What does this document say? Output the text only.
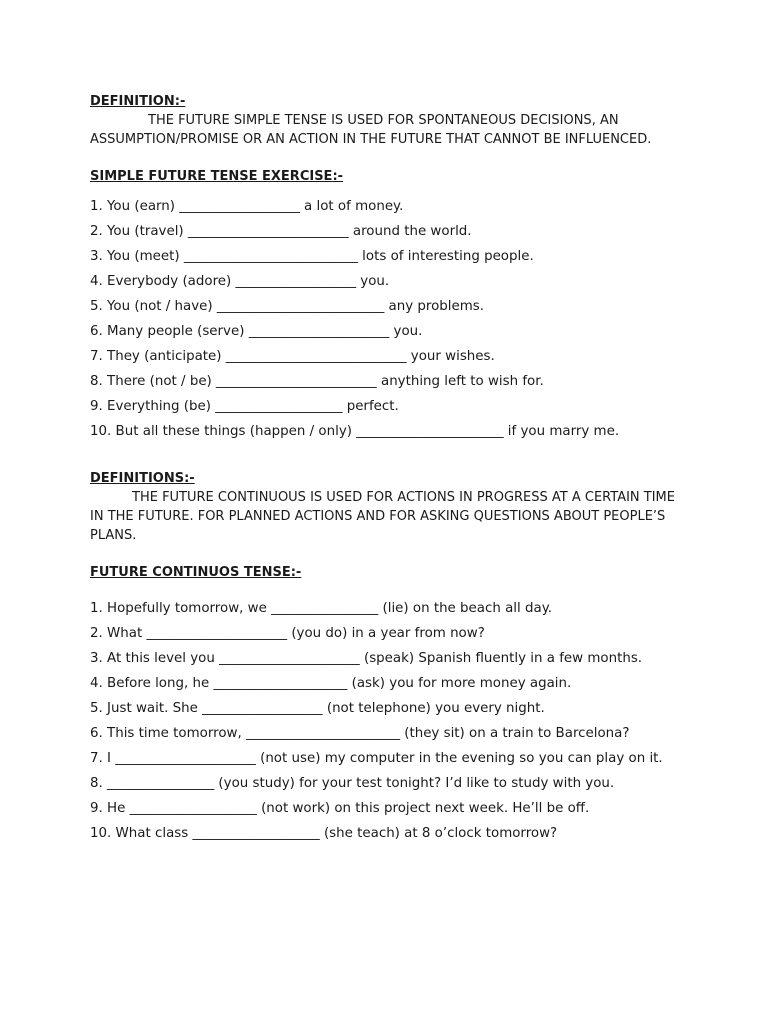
DEFINITION:-

THE FUTURE SIMPLE TENSE IS USED FOR SPONTANEOUS DECISIONS, AN ASSUMPTION/PROMISE OR AN ACTION IN THE FUTURE THAT CANNOT BE INFLUENCED.

SIMPLE FUTURE TENSE EXERCISE:-
1. You (earn) __________________ a lot of money.
2. You (travel) ________________________ around the world.
3. You (meet) __________________________ lots of interesting people.
4. Everybody (adore) __________________ you.
5. You (not / have) _________________________ any problems.
6. Many people (serve) _____________________ you.
7. They (anticipate) ___________________________ your wishes.
8. There (not / be) ________________________ anything left to wish for.
9. Everything (be) ___________________ perfect.
10. But all these things (happen / only) ______________________ if you marry me.
DEFINITIONS:-

THE FUTURE CONTINUOUS IS USED FOR ACTIONS IN PROGRESS AT A CERTAIN TIME IN THE FUTURE. FOR PLANNED ACTIONS AND FOR ASKING QUESTIONS ABOUT PEOPLE’S PLANS.

FUTURE CONTINUOS TENSE:-
1. Hopefully tomorrow, we ________________ (lie) on the beach all day.
2. What _____________________ (you do) in a year from now?
3. At this level you _____________________ (speak) Spanish fluently in a few months.
4. Before long, he ____________________ (ask) you for more money again.
5. Just wait. She __________________ (not telephone) you every night.
6. This time tomorrow, _______________________ (they sit) on a train to Barcelona?
7. I _____________________ (not use) my computer in the evening so you can play on it.
8. ________________ (you study) for your test tonight? I’d like to study with you.
9. He ___________________ (not work) on this project next week. He’ll be off.
10. What class ___________________ (she teach) at 8 o’clock tomorrow?
